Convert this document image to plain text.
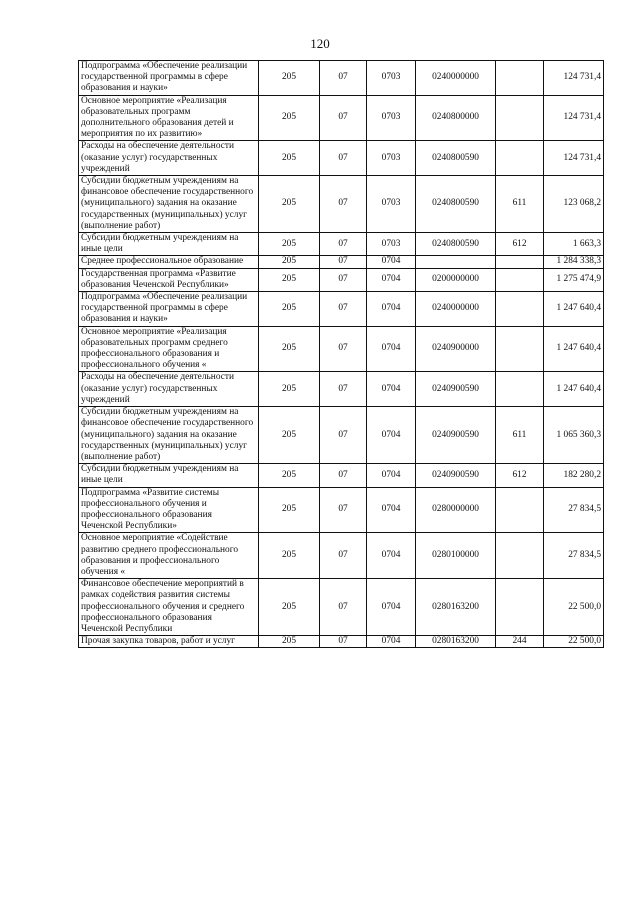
120
Подпрограмма «Обеспечение реализации государственной программы в сфере образования и науки»	205	07	0703	0240000000		124 731,4
Основное мероприятие «Реализация образовательных программ дополнительного образования детей и мероприятия по их развитию»	205	07	0703	0240800000		124 731,4
Расходы на обеспечение деятельности (оказание услуг) государственных учреждений	205	07	0703	0240800590		124 731,4
Субсидии бюджетным учреждениям на финансовое обеспечение государственного (муниципального) задания на оказание государственных (муниципальных) услуг (выполнение работ)	205	07	0703	0240800590	611	123 068,2
Субсидии бюджетным учреждениям на иные цели	205	07	0703	0240800590	612	1 663,3
Среднее профессиональное образование	205	07	0704			1 284 338,3
Государственная программа «Развитие образования Чеченской Республики»	205	07	0704	0200000000		1 275 474,9
Подпрограмма «Обеспечение реализации государственной программы в сфере образования и науки»	205	07	0704	0240000000		1 247 640,4
Основное мероприятие «Реализация образовательных программ среднего профессионального образования и профессионального обучения «	205	07	0704	0240900000		1 247 640,4
Расходы на обеспечение деятельности (оказание услуг) государственных учреждений	205	07	0704	0240900590		1 247 640,4
Субсидии бюджетным учреждениям на финансовое обеспечение государственного (муниципального) задания на оказание государственных (муниципальных) услуг (выполнение работ)	205	07	0704	0240900590	611	1 065 360,3
Субсидии бюджетным учреждениям на иные цели	205	07	0704	0240900590	612	182 280,2
Подпрограмма «Развитие системы профессионального обучения и профессионального образования Чеченской Республики»	205	07	0704	0280000000		27 834,5
Основное мероприятие «Содействие развитию среднего профессионального образования и профессионального обучения «	205	07	0704	0280100000		27 834,5
Финансовое обеспечение мероприятий в рамках содействия развития системы профессионального обучения и среднего профессионального образования Чеченской Республики	205	07	0704	0280163200		22 500,0
Прочая закупка товаров, работ и услуг	205	07	0704	0280163200	244	22 500,0
